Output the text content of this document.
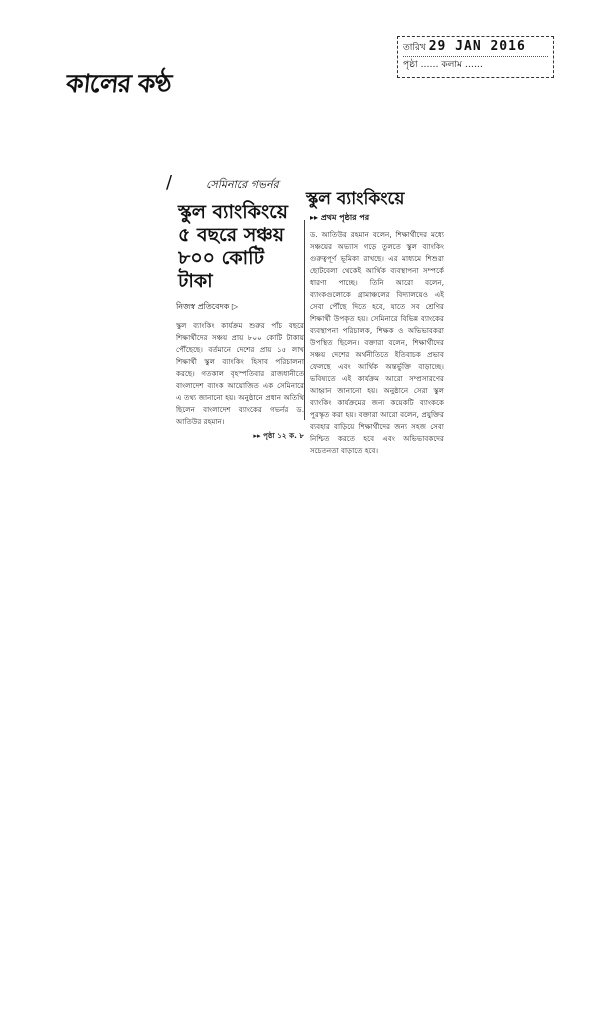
তারিখ 29 JAN 2016
পৃষ্ঠা …… কলাম ……
কালের কণ্ঠ
/	সেমিনারে গভর্নর
স্কুল ব্যাংকিংয়ে ৫ বছরে সঞ্চয় ৮০০ কোটি টাকা
নিজস্ব প্রতিবেদক ▷
স্কুল ব্যাংকিং কার্যক্রম শুরুর পাঁচ বছরে শিক্ষার্থীদের সঞ্চয় প্রায় ৮০০ কোটি টাকায় পৌঁছেছে। বর্তমানে দেশের প্রায় ১৫ লাখ শিক্ষার্থী স্কুল ব্যাংকিং হিসাব পরিচালনা করছে। গতকাল বৃহস্পতিবার রাজধানীতে বাংলাদেশ ব্যাংক আয়োজিত এক সেমিনারে এ তথ্য জানানো হয়। অনুষ্ঠানে প্রধান অতিথি ছিলেন বাংলাদেশ ব্যাংকের গভর্নর ড. আতিউর রহমান।
▸▸ পৃষ্ঠা ১২ ক. ৮
স্কুল ব্যাংকিংয়ে
▸▸ প্রথম পৃষ্ঠার পর
ড. আতিউর রহমান বলেন, শিক্ষার্থীদের মধ্যে সঞ্চয়ের অভ্যাস গড়ে তুলতে স্কুল ব্যাংকিং গুরুত্বপূর্ণ ভূমিকা রাখছে। এর মাধ্যমে শিশুরা ছোটবেলা থেকেই আর্থিক ব্যবস্থাপনা সম্পর্কে ধারণা পাচ্ছে। তিনি আরো বলেন, ব্যাংকগুলোকে গ্রামাঞ্চলের বিদ্যালয়েও এই সেবা পৌঁছে দিতে হবে, যাতে সব শ্রেণির শিক্ষার্থী উপকৃত হয়। সেমিনারে বিভিন্ন ব্যাংকের ব্যবস্থাপনা পরিচালক, শিক্ষক ও অভিভাবকরা উপস্থিত ছিলেন। বক্তারা বলেন, শিক্ষার্থীদের সঞ্চয় দেশের অর্থনীতিতে ইতিবাচক প্রভাব ফেলছে এবং আর্থিক অন্তর্ভুক্তি বাড়াচ্ছে। ভবিষ্যতে এই কার্যক্রম আরো সম্প্রসারণের আহ্বান জানানো হয়। অনুষ্ঠানে সেরা স্কুল ব্যাংকিং কার্যক্রমের জন্য কয়েকটি ব্যাংককে পুরস্কৃত করা হয়। বক্তারা আরো বলেন, প্রযুক্তির ব্যবহার বাড়িয়ে শিক্ষার্থীদের জন্য সহজ সেবা নিশ্চিত করতে হবে এবং অভিভাবকদের সচেতনতা বাড়াতে হবে।
